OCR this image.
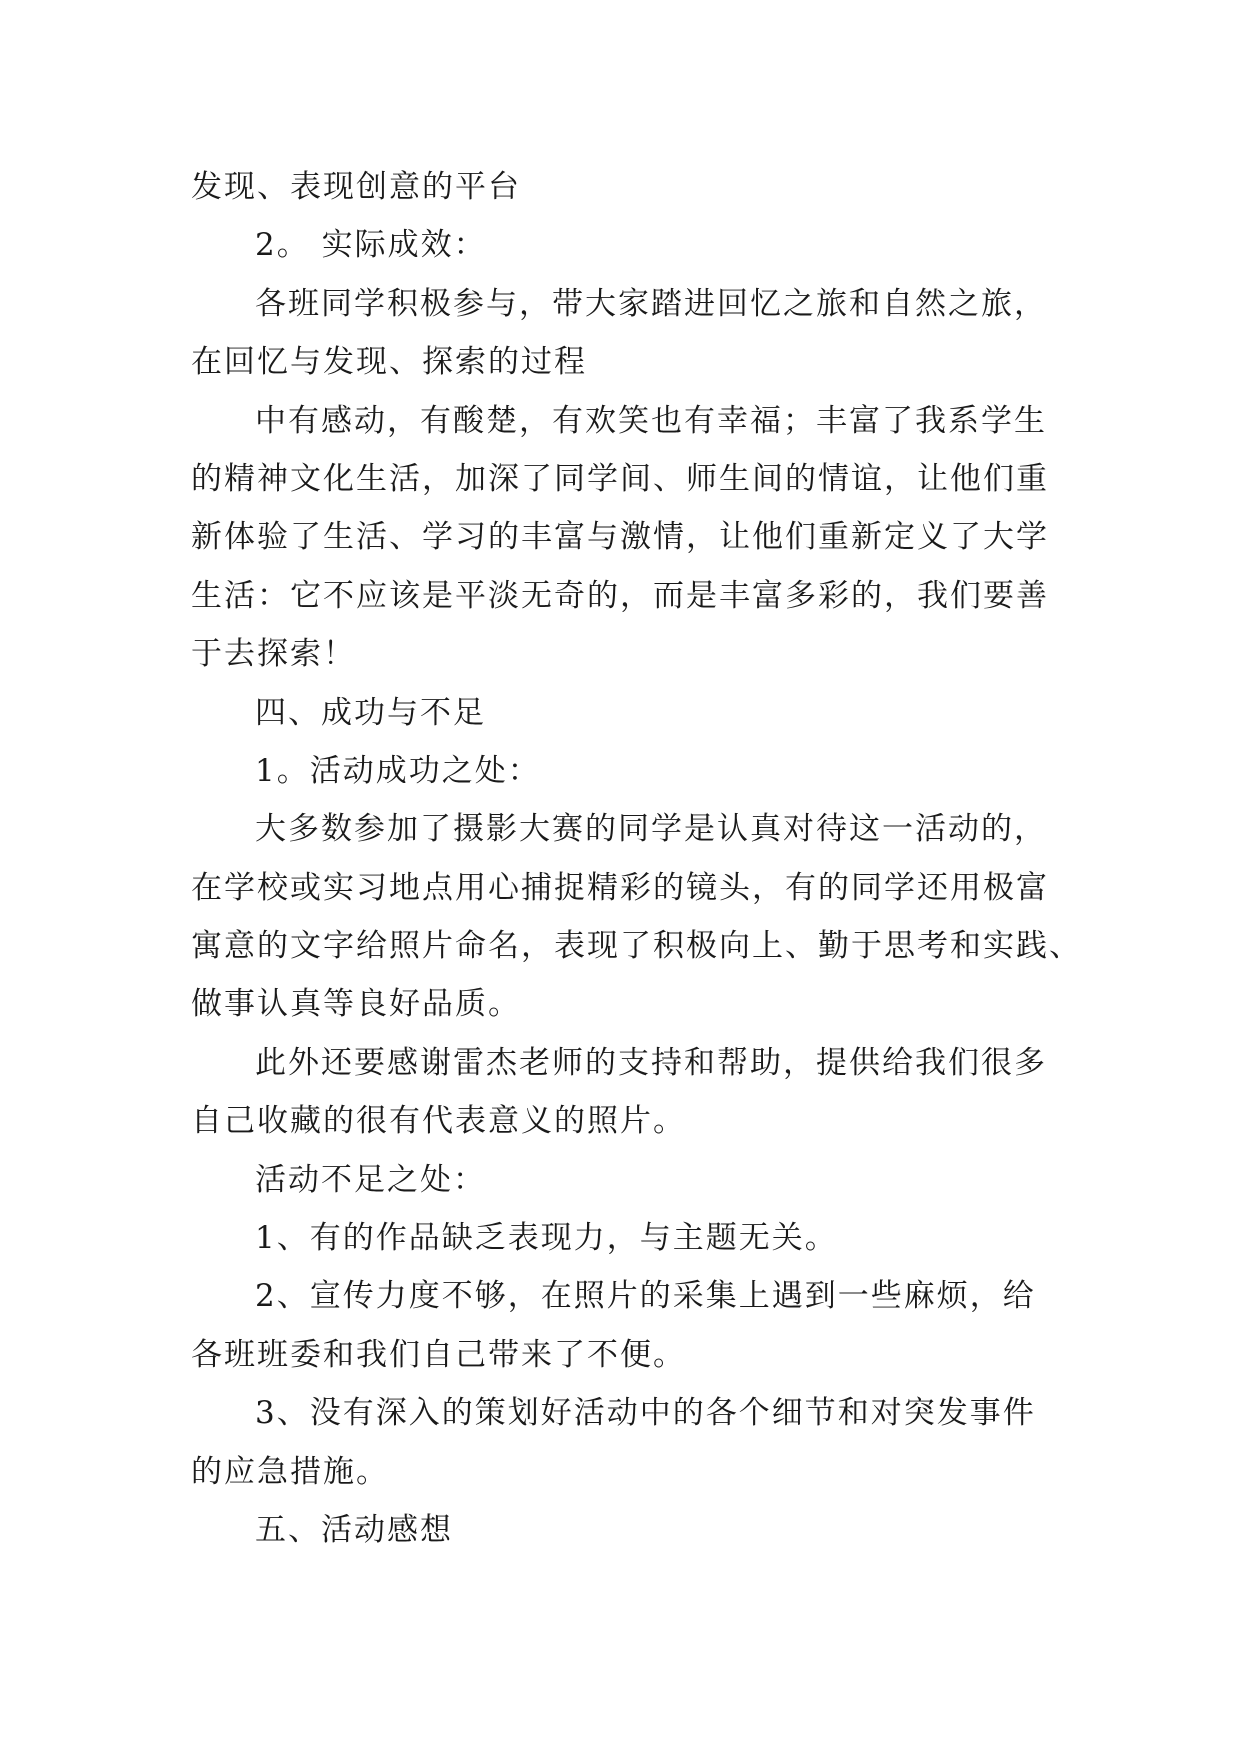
发现、表现创意的平台
2。 实际成效：
各班同学积极参与，带大家踏进回忆之旅和自然之旅，
在回忆与发现、探索的过程
中有感动，有酸楚，有欢笑也有幸福；丰富了我系学生
的精神文化生活，加深了同学间、师生间的情谊，让他们重
新体验了生活、学习的丰富与激情，让他们重新定义了大学
生活：它不应该是平淡无奇的，而是丰富多彩的，我们要善
于去探索！
四、成功与不足
1。活动成功之处：
大多数参加了摄影大赛的同学是认真对待这一活动的，
在学校或实习地点用心捕捉精彩的镜头，有的同学还用极富
寓意的文字给照片命名，表现了积极向上、勤于思考和实践、
做事认真等良好品质。
此外还要感谢雷杰老师的支持和帮助，提供给我们很多
自己收藏的很有代表意义的照片。
活动不足之处：
1、有的作品缺乏表现力，与主题无关。
2、宣传力度不够，在照片的采集上遇到一些麻烦，给
各班班委和我们自己带来了不便。
3、没有深入的策划好活动中的各个细节和对突发事件
的应急措施。
五、活动感想
